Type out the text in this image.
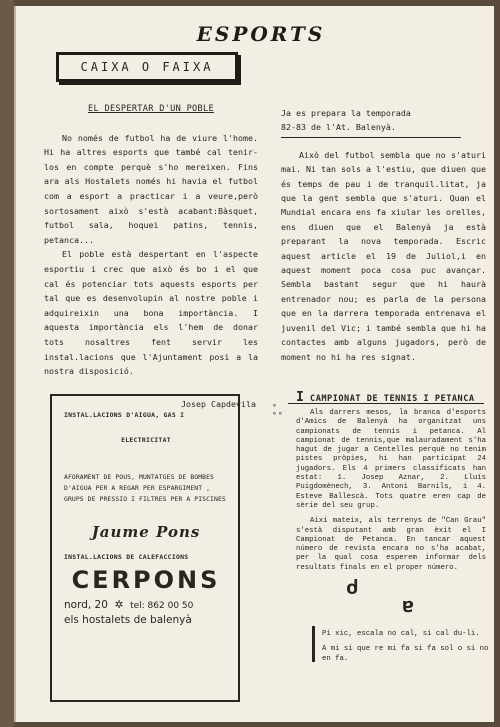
ESPORTS
CAIXA O FAIXA
EL DESPERTAR D'UN POBLE

No només de futbol ha de viure l'home. Hi ha altres esports que també cal tenir-los en compte perquè s'ho mereixen. Fins ara als Hostalets només hi havia el futbol com a esport a practicar i a veure,però sortosament això s'està acabant:Bàsquet, futbol sala, hoquei patins, tennis, petanca...

El poble està despertant en l'aspecte esportiu i crec que això és bo i el que cal és potenciar tots aquests esports per tal que es desenvolupin al nostre poble i adquireixin una bona importància. I aquesta importància els l'hem de donar tots nosaltres fent servir les instal.lacions que l'Ajuntament posi a la nostra disposició.

Josep Capdevila
Ja es prepara la temporada
82-83 de l'At. Balenyà.

Això del futbol sembla que no s'aturi mai. Ni tan sols a l'estiu, que diuen que és temps de pau i de tranquil.litat, ja que la gent sembla que s'aturi. Quan el Mundial encara ens fa xiular les orelles, ens diuen que el Balenyà ja està preparant la nova temporada. Escric aquest article el 19 de Juliol,i en aquest moment poca cosa puc avançar. Sembla bastant segur que hi haurà entrenador nou; es parla de la persona que en la darrera temporada entrenava el juvenil del Vic; i també sembla que hi ha contactes amb alguns jugadors, però de moment no hi ha res signat.

INSTAL.LACIONS D'AIGUA, GAS I
ELECTRICITAT
AFORAMENT DE POUS, MUNTATGES DE BOMBES D'AIGUA PER A REGAR PER ESPARGIMENT , GRUPS DE PRESSIO I FILTRES PER A PISCINES
Jaume Pons
INSTAL.LACIONS DE CALEFACCIONS
CERPONS
nord, 20  ✲  tel: 862 00 50
els hostalets de balenyà
I CAMPIONAT DE TENNIS I PETANCA
°
°°	Als darrers mesos, la branca d'esports d'Amics de Balenyà ha organitzat uns campionats de tennis i petanca. Al campionat de tennis,que malauradament s'ha hagut de jugar a Centelles perquè no tenim pistes pròpies, hi han participat 24 jugadors. Els 4 primers classificats han estat: 1. Josep Aznar, 2. Lluís Puigdomènech, 3. Antoni Barnils, i 4. Esteve Ballescà. Tots quatre eren cap de sèrie del seu grup.

Així mateix, als terrenys de "Can Grau" s'està disputant amb gran èxit el I Campionat de Petanca. En tancar aquest número de revista encara no s'ha acabat, per la qual cosa esperem informar dels resultats finals en el proper número.

ძ
ɐ

Pi xic, escala no cal, si cal du-li.

A mi sí que re mi fa si fa sol o si no en fa.
